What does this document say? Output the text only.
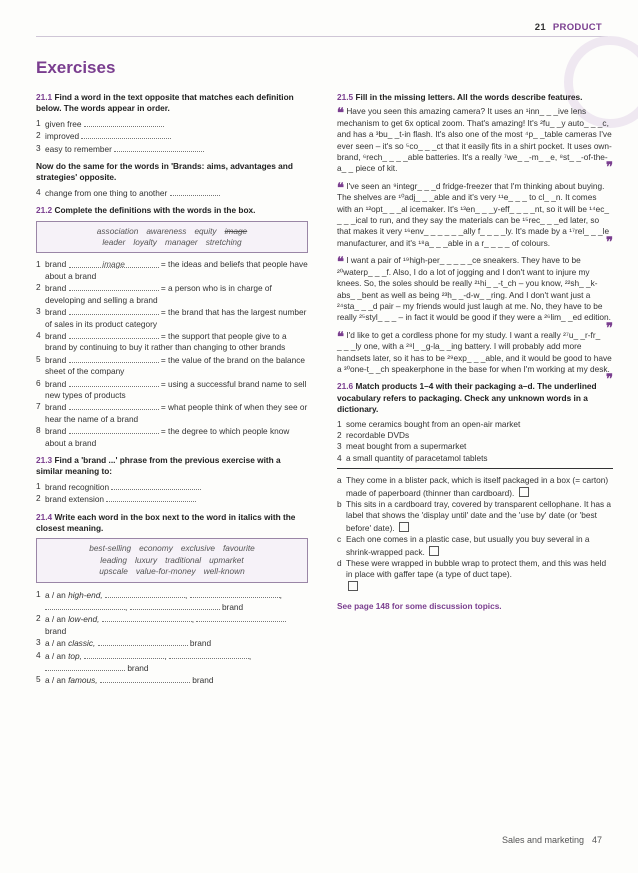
21 PRODUCT
Exercises
21.1 Find a word in the text opposite that matches each definition below. The words appear in order.
1 given free
2 improved
3 easy to remember
Now do the same for the words in 'Brands: aims, advantages and strategies' opposite.
4 change from one thing to another
21.2 Complete the definitions with the words in the box.
association awareness equity image
leader loyalty manager stretching
1 brand	image	= the ideas and beliefs that people have about a brand
2 brand	= a person who is in charge of developing and selling a brand
3 brand	= the brand that has the largest number of sales in its product category
4 brand	= the support that people give to a brand by continuing to buy it rather than changing to other brands
5 brand	= the value of the brand on the balance sheet of the company
6 brand	= using a successful brand name to sell new types of products
7 brand	= what people think of when they see or hear the name of a brand
8 brand	= the degree to which people know about a brand
21.3 Find a 'brand ...' phrase from the previous exercise with a similar meaning to:
1 brand recognition
2 brand extension
21.4 Write each word in the box next to the word in italics with the closest meaning.
best-selling economy exclusive favourite
leading luxury traditional upmarket
upscale value-for-money well-known
1 a / an high-end,	,	,
,	brand
2 a / an low-end,	,
brand
3 a / an classic,	brand
4 a / an top,	,	,
brand
5 a / an famous,	brand
21.5 Fill in the missing letters. All the words describe features.
❝ Have you seen this amazing camera? It uses an ¹inn_ _ _ive lens mechanism to get 6x optical zoom. That's amazing! It's ²fu_ _y auto_ _ _c, and has a ³bu_ _t-in flash. It's also one of the most ⁴p_ _table cameras I've ever seen – it's so ⁵co_ _ _ct that it easily fits in a shirt pocket. It uses own-brand, ⁶rech_ _ _ _able batteries. It's a really ⁷we_ _-m_ _e, ⁸st_ _-of-the-a_ _ piece of kit.	❞
❝ I've seen an ⁹integr_ _ _d fridge-freezer that I'm thinking about buying. The shelves are ¹⁰adj_ _ _able and it's very ¹¹e_ _ _ to cl_ _n. It comes with an ¹²opt_ _ _al icemaker. It's ¹³en_ _ _y-eff_ _ _ _nt, so it will be ¹⁴ec_ _ _ _ical to run, and they say the materials can be ¹⁵rec_ _ _ed later, so that makes it very ¹⁶env_ _ _ _ _ _ally f_ _ _ _ly. It's made by a ¹⁷rel_ _ _le manufacturer, and it's ¹⁸a_ _ _able in a r_ _ _ _ of colours.	❞
❝ I want a pair of ¹⁹high-per_ _ _ _ _ce sneakers. They have to be ²⁰waterp_ _ _f. Also, I do a lot of jogging and I don't want to injure my knees. So, the soles should be really ²¹hi_ _-t_ch – you know, ²²sh_ _k-abs_ _bent as well as being ²³h_ _-d-w_ _ring. And I don't want just a ²⁴sta_ _ _d pair – my friends would just laugh at me. No, they have to be really ²⁵styl_ _ _ – in fact it would be good if they were a ²⁶lim_ _ed edition.
❞
❝ I'd like to get a cordless phone for my study. I want a really ²⁷u_ _r-fr_ _ _ _ly one, with a ²⁸l_ _g-la_ _ing battery. I will probably add more handsets later, so it has to be ²⁹exp_ _ _able, and it would be good to have a ³⁰one-t_ _ch speakerphone in the base for when I'm working at my desk.
❞
21.6 Match products 1–4 with their packaging a–d. The underlined vocabulary refers to packaging. Check any unknown words in a dictionary.
1 some ceramics bought from an open-air market
2 recordable DVDs
3 meat bought from a supermarket
4 a small quantity of paracetamol tablets
a They come in a blister pack, which is itself packaged in a box (= carton) made of paperboard (thinner than cardboard).
b This sits in a cardboard tray, covered by transparent cellophane. It has a label that shows the 'display until' date and the 'use by' date (or 'best before' date).
c Each one comes in a plastic case, but usually you buy several in a shrink-wrapped pack.
d These were wrapped in bubble wrap to protect them, and this was held in place with gaffer tape (a type of duct tape).

See page 148 for some discussion topics.
Sales and marketing 47
